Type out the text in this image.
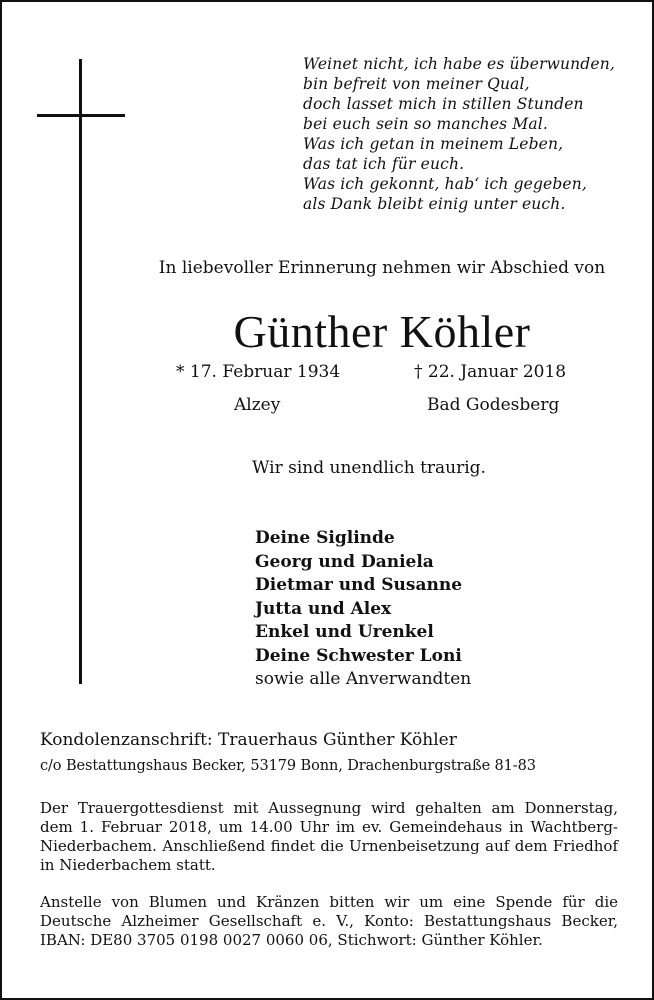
Weinet nicht, ich habe es überwunden,
bin befreit von meiner Qual,
doch lasset mich in stillen Stunden
bei euch sein so manches Mal.
Was ich getan in meinem Leben,
das tat ich für euch.
Was ich gekonnt, hab‘ ich gegeben,
als Dank bleibt einig unter euch.
In liebevoller Erinnerung nehmen wir Abschied von
Günther Köhler
* 17. Februar 1934	† 22. Januar 2018
Alzey	Bad Godesberg
Wir sind unendlich traurig.
Deine Siglinde
Georg und Daniela
Dietmar und Susanne
Jutta und Alex
Enkel und Urenkel
Deine Schwester Loni
sowie alle Anverwandten
Kondolenzanschrift: Trauerhaus Günther Köhler
c/o Bestattungshaus Becker, 53179 Bonn, Drachenburgstraße 81-83
Der Trauergottesdienst mit Aussegnung wird gehalten am Donnerstag, dem 1. Februar 2018, um 14.00 Uhr im ev. Gemeindehaus in Wachtberg-Niederbachem. Anschließend findet die Urnenbeisetzung auf dem Friedhof in Niederbachem statt.
Anstelle von Blumen und Kränzen bitten wir um eine Spende für die Deutsche Alzheimer Gesellschaft e. V., Konto: Bestattungshaus Becker, IBAN: DE80 3705 0198 0027 0060 06, Stichwort: Günther Köhler.
